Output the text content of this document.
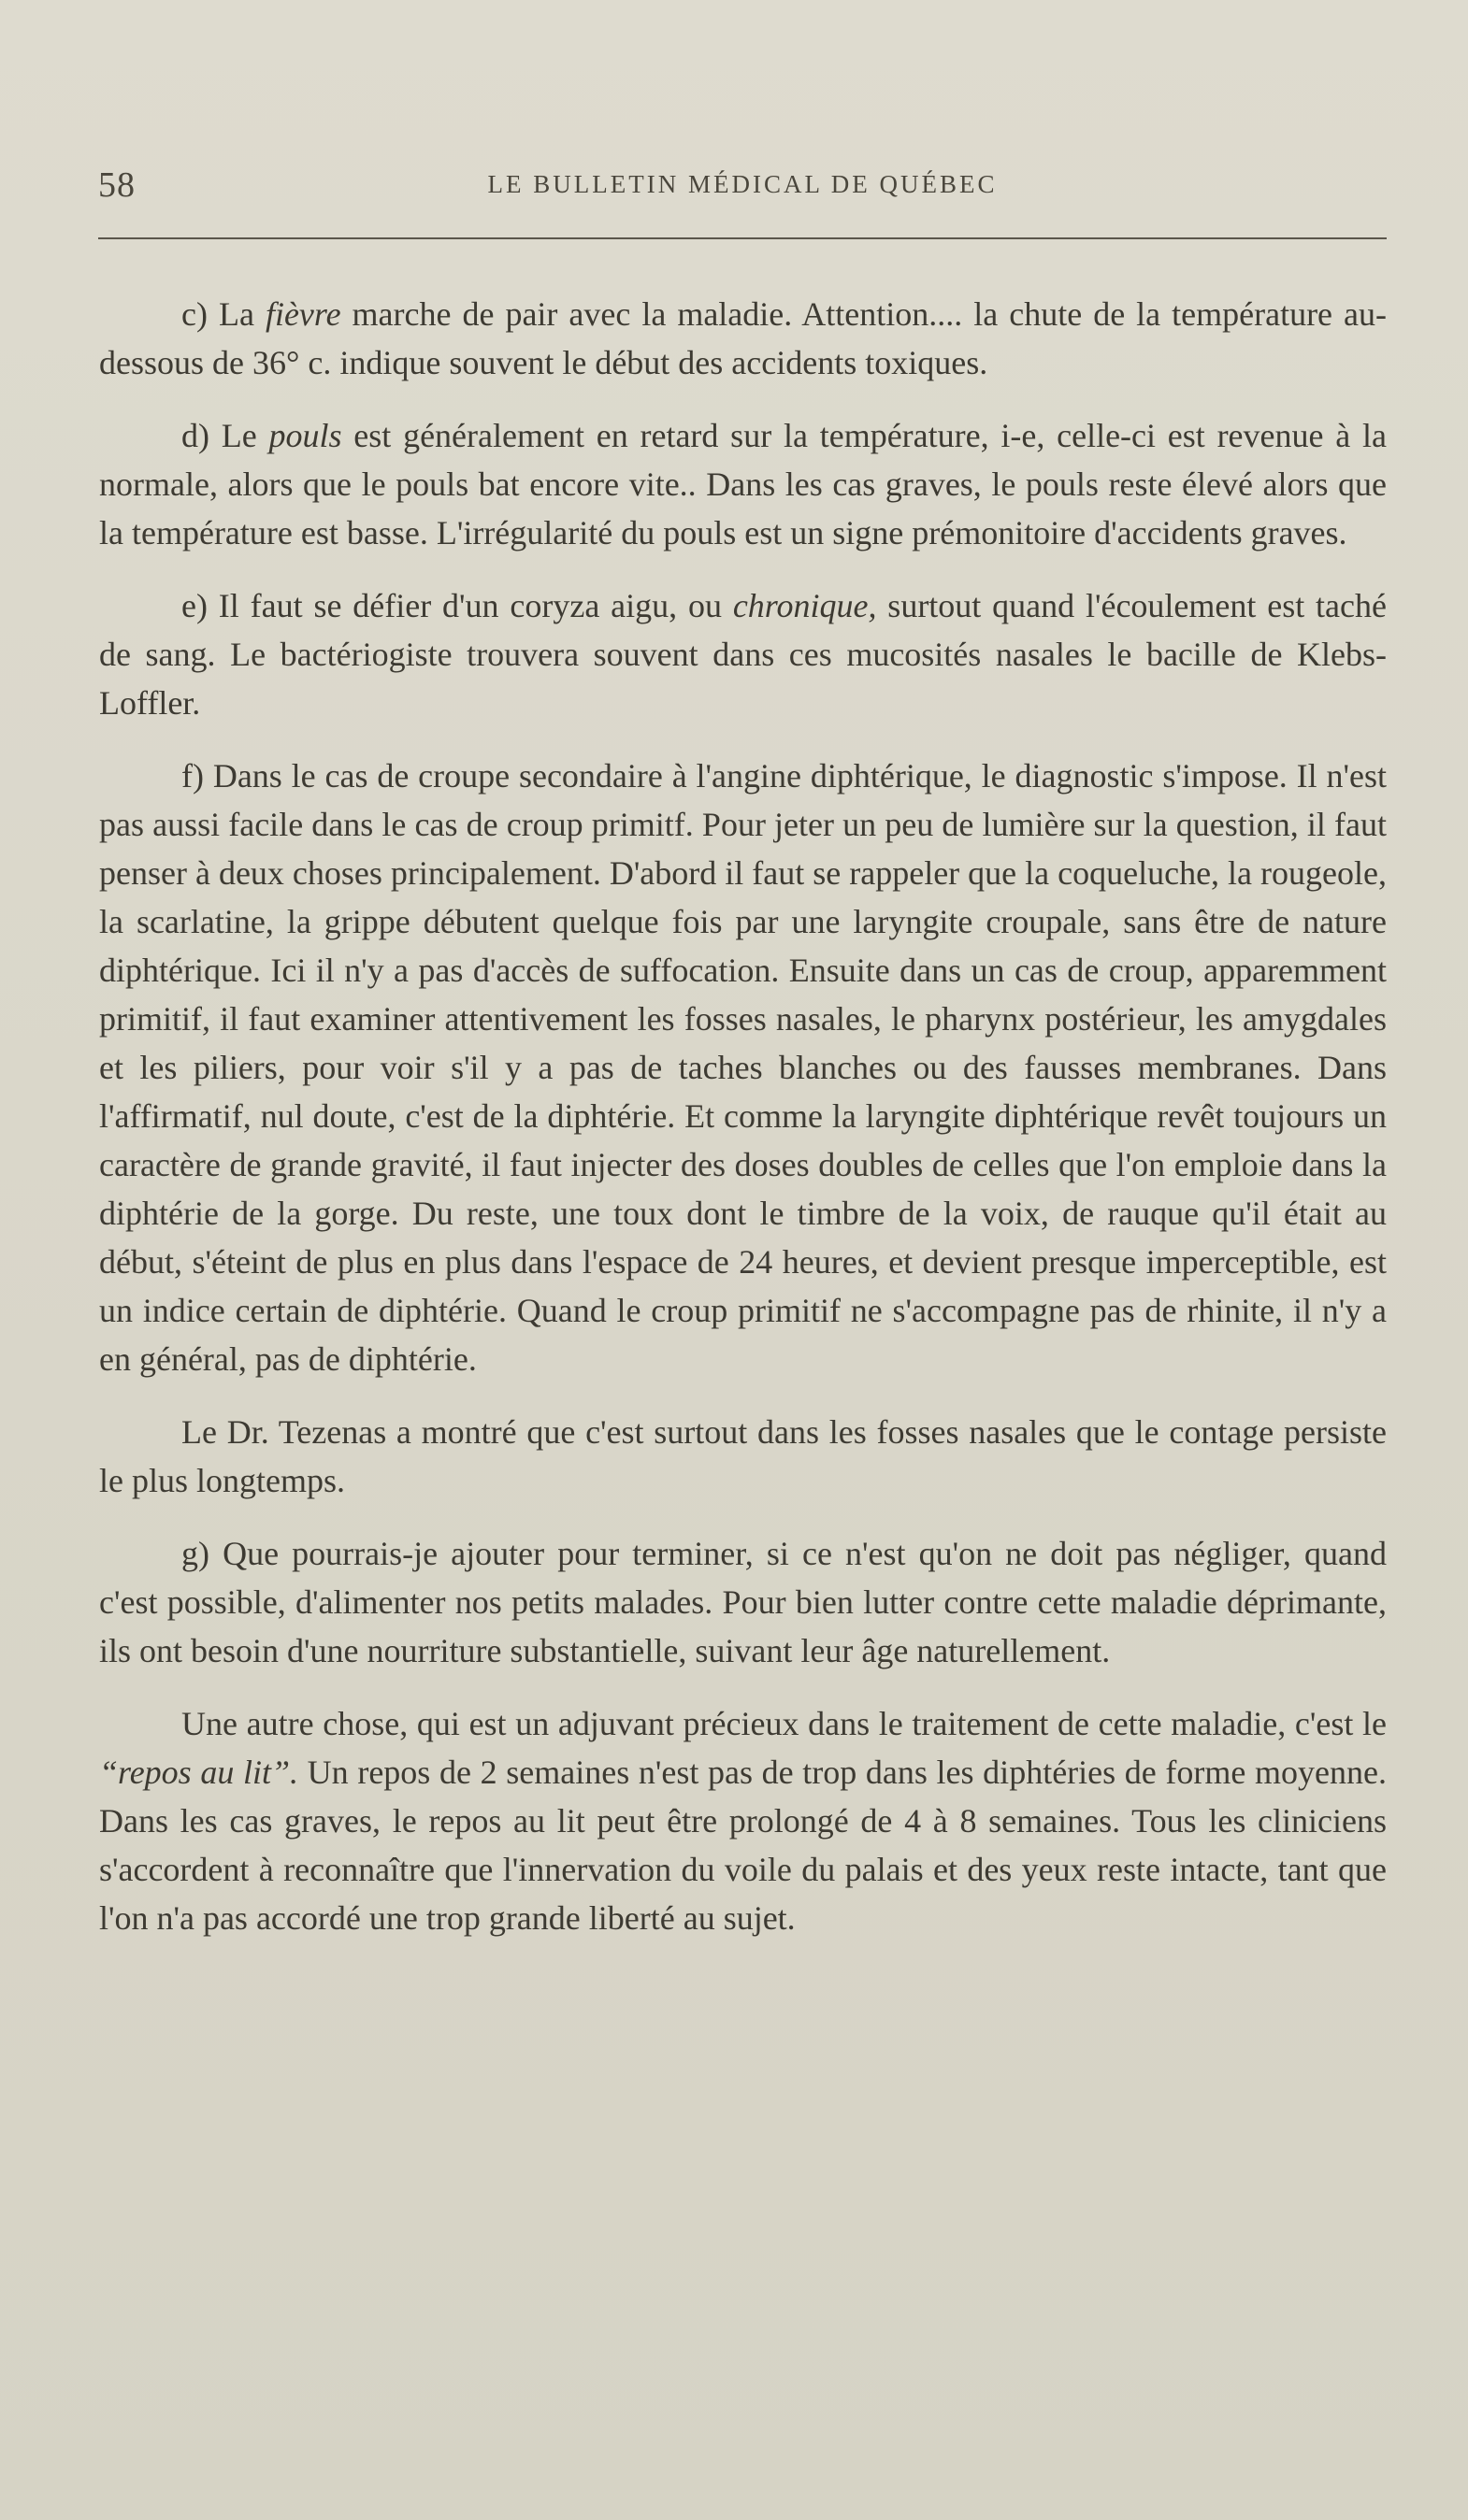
58	LE BULLETIN MÉDICAL DE QUÉBEC

c) La fièvre marche de pair avec la maladie. Attention.... la chute de la température au-dessous de 36° c. indique souvent le début des accidents toxiques.

d) Le pouls est généralement en retard sur la température, i-e, celle-ci est revenue à la normale, alors que le pouls bat encore vite.. Dans les cas graves, le pouls reste élevé alors que la température est basse. L'irrégularité du pouls est un signe prémonitoire d'accidents graves.

e) Il faut se défier d'un coryza aigu, ou chronique, surtout quand l'écoulement est taché de sang. Le bactériogiste trouvera souvent dans ces mucosités nasales le bacille de Klebs-Loffler.

f) Dans le cas de croupe secondaire à l'angine diphtérique, le diagnostic s'impose. Il n'est pas aussi facile dans le cas de croup primitf. Pour jeter un peu de lumière sur la question, il faut penser à deux choses principalement. D'abord il faut se rappeler que la coqueluche, la rougeole, la scarlatine, la grippe débutent quelque fois par une laryngite croupale, sans être de nature diphtérique. Ici il n'y a pas d'accès de suffocation. Ensuite dans un cas de croup, apparemment primitif, il faut examiner attentivement les fosses nasales, le pharynx postérieur, les amygdales et les piliers, pour voir s'il y a pas de taches blanches ou des fausses membranes. Dans l'affirmatif, nul doute, c'est de la diphtérie. Et comme la laryngite diphtérique revêt toujours un caractère de grande gravité, il faut injecter des doses doubles de celles que l'on emploie dans la diphtérie de la gorge. Du reste, une toux dont le timbre de la voix, de rauque qu'il était au début, s'éteint de plus en plus dans l'espace de 24 heures, et devient presque imperceptible, est un indice certain de diphtérie. Quand le croup primitif ne s'accompagne pas de rhinite, il n'y a en général, pas de diphtérie.

Le Dr. Tezenas a montré que c'est surtout dans les fosses nasales que le contage persiste le plus longtemps.

g) Que pourrais-je ajouter pour terminer, si ce n'est qu'on ne doit pas négliger, quand c'est possible, d'alimenter nos petits malades. Pour bien lutter contre cette maladie déprimante, ils ont besoin d'une nourriture substantielle, suivant leur âge naturellement.

Une autre chose, qui est un adjuvant précieux dans le traitement de cette maladie, c'est le “repos au lit”. Un repos de 2 semaines n'est pas de trop dans les diphtéries de forme moyenne. Dans les cas graves, le repos au lit peut être prolongé de 4 à 8 semaines. Tous les cliniciens s'accordent à reconnaître que l'innervation du voile du palais et des yeux reste intacte, tant que l'on n'a pas accordé une trop grande liberté au sujet.
